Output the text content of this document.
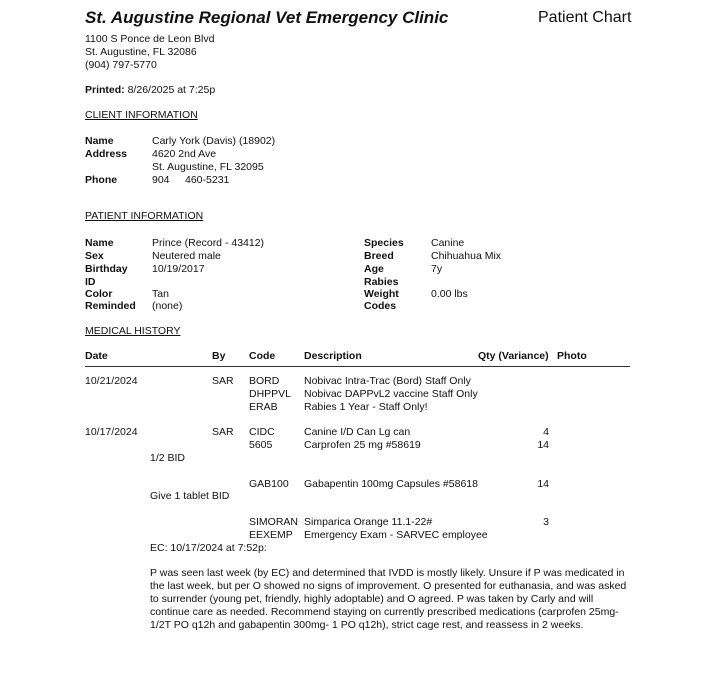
St. Augustine Regional Vet Emergency Clinic	Patient Chart
1100 S Ponce de Leon Blvd
St. Augustine, FL 32086
(904) 797-5770
Printed: 8/26/2025 at 7:25p
CLIENT INFORMATION
Name	Carly York (Davis) (18902)
Address 4620 2nd Ave
St. Augustine, FL 32095
Phone	904 460-5231
PATIENT INFORMATION
Name	Prince (Record - 43412)
Sex	Neutered male
Birthday 10/19/2017
ID
Color	Tan
Reminded (none)
Species	Canine
Breed	Chihuahua Mix
Age	7y
Rabies
Weight	0.00 lbs
Codes
MEDICAL HISTORY
Date	By Code	Description	Qty (Variance) Photo
10/21/2024	SAR BORD Nobivac Intra-Trac (Bord) Staff Only
DHPPVL Nobivac DAPPvL2 vaccine Staff Only
ERAB	Rabies 1 Year - Staff Only!
10/17/2024	SAR CIDC	Canine I/D Can Lg can	4
5605	Carprofen 25 mg #58619	14
1/2 BID
GAB100 Gabapentin 100mg Capsules #58618	14
Give 1 tablet BID
SIMORAN Simparica Orange 11.1-22#	3
EEXEMP Emergency Exam - SARVEC employee
EC: 10/17/2024 at 7:52p:
P was seen last week (by EC) and determined that IVDD is mostly likely. Unsure if P was medicated in the last week, but per O showed no signs of improvement. O presented for euthanasia, and was asked to surrender (young pet, friendly, highly adoptable) and O agreed. P was taken by Carly and will continue care as needed. Recommend staying on currently prescribed medications (carprofen 25mg- 1/2T PO q12h and gabapentin 300mg- 1 PO q12h), strict cage rest, and reassess in 2 weeks.
